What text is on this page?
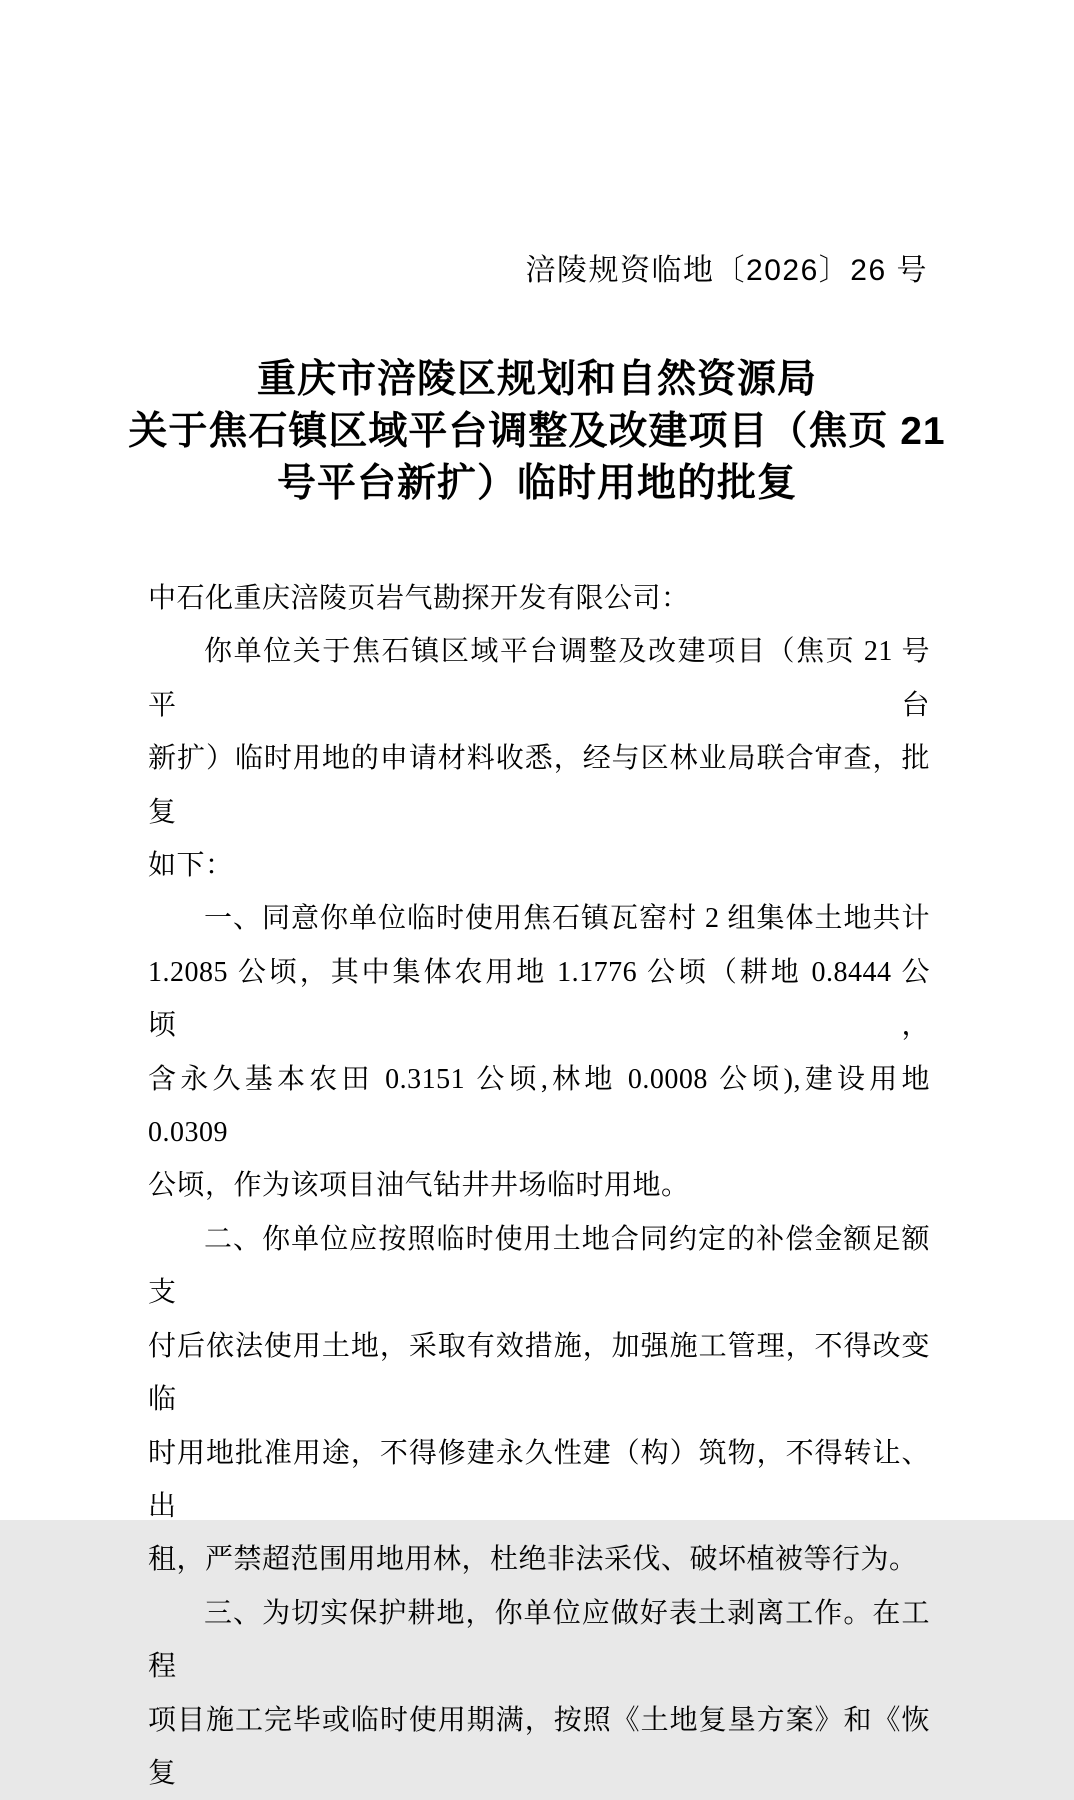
涪陵规资临地〔2026〕26 号
重庆市涪陵区规划和自然资源局
关于焦石镇区域平台调整及改建项目（焦页 21
号平台新扩）临时用地的批复
中石化重庆涪陵页岩气勘探开发有限公司：
你单位关于焦石镇区域平台调整及改建项目（焦页 21 号平台
新扩）临时用地的申请材料收悉，经与区林业局联合审查，批复
如下：
一、同意你单位临时使用焦石镇瓦窑村 2 组集体土地共计
1.2085 公顷，其中集体农用地 1.1776 公顷（耕地 0.8444 公顷，
含永久基本农田 0.3151 公顷,林地 0.0008 公顷),建设用地 0.0309
公顷，作为该项目油气钻井井场临时用地。
二、你单位应按照临时使用土地合同约定的补偿金额足额支
付后依法使用土地，采取有效措施，加强施工管理，不得改变临
时用地批准用途，不得修建永久性建（构）筑物，不得转让、出
租，严禁超范围用地用林，杜绝非法采伐、破坏植被等行为。
三、为切实保护耕地，你单位应做好表土剥离工作。在工程
项目施工完毕或临时使用期满，按照《土地复垦方案》和《恢复
